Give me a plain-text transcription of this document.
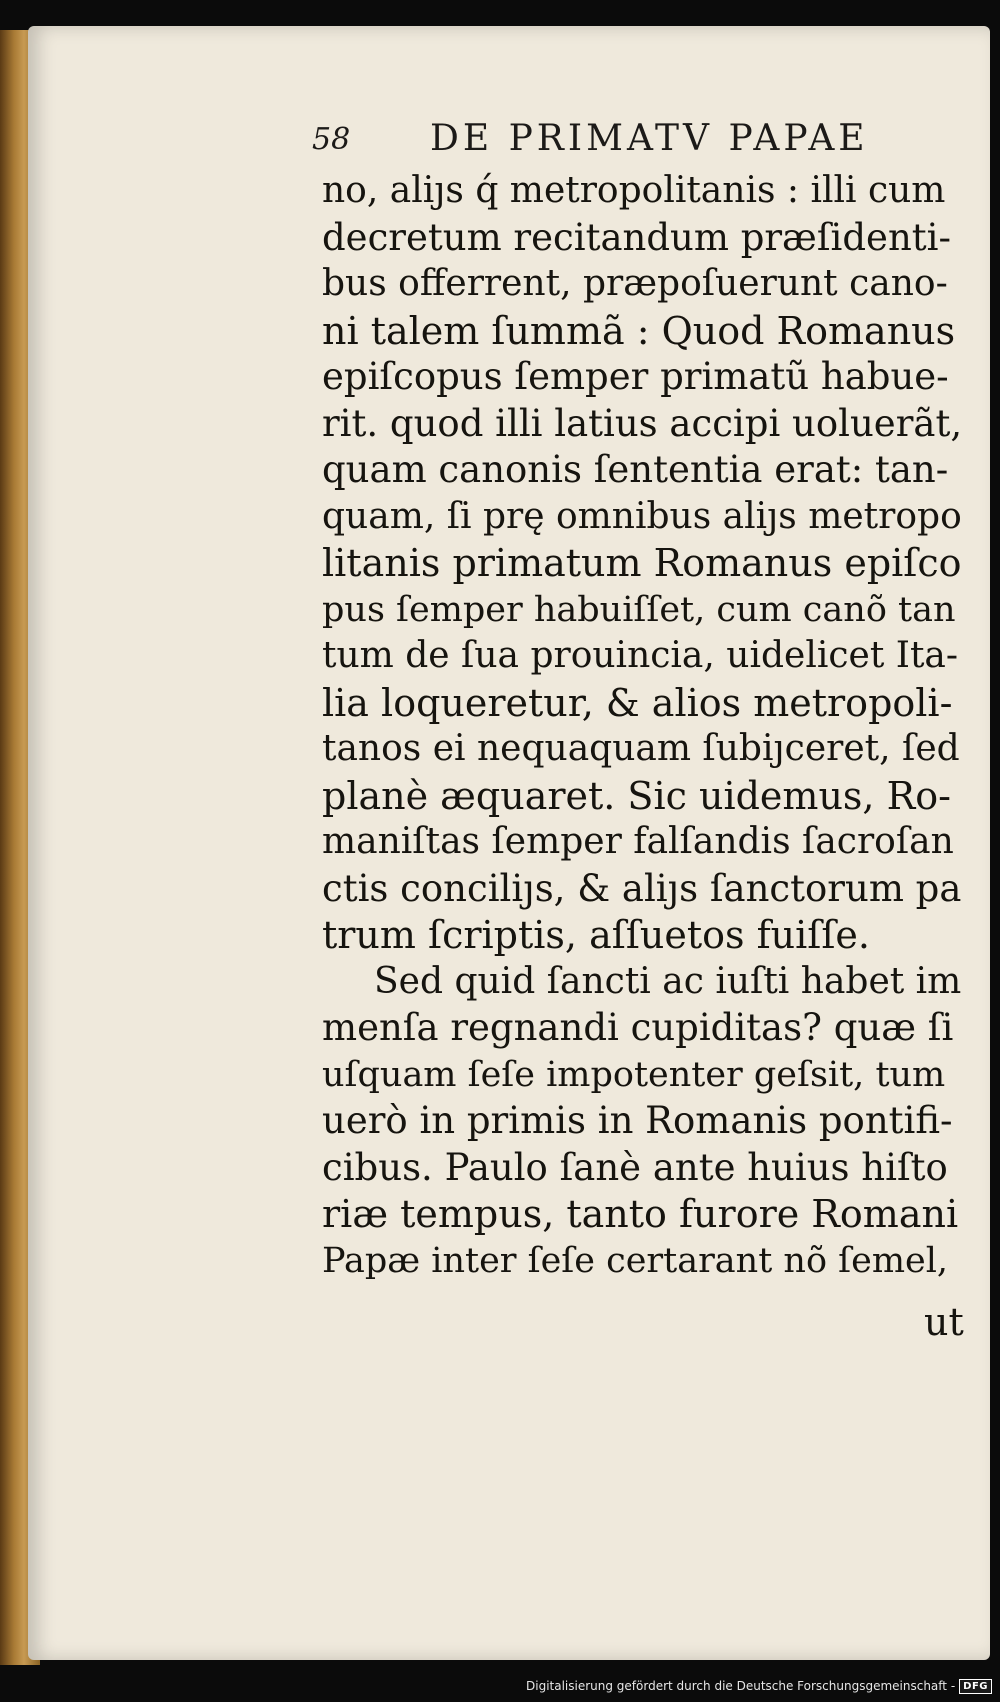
58 DE PRIMATV PAPAE
no, aliȷs q́ metropolitanis : illi cum
decretum recitandum præſidenti-
bus offerrent, præpoſuerunt cano-
ni talem ſummã : Quod Romanus
epiſcopus ſemper primatũ habue-
rit. quod illi latius accipi uoluerãt,
quam canonis ſententia erat: tan-
quam, ſi prę omnibus aliȷs metropo
litanis primatum Romanus epiſco
pus ſemper habuiſſet, cum canõ tan
tum de ſua prouincia, uidelicet Ita-
lia loqueretur, & alios metropoli-
tanos ei nequaquam ſubiȷceret, ſed
planè æquaret. Sic uidemus, Ro-
maniſtas ſemper falſandis ſacroſan
ctis conciliȷs, & aliȷs ſanctorum pa
trum ſcriptis, aſſuetos fuiſſe.
Sed quid ſancti ac iuſti habet im
menſa regnandi cupiditas? quæ ſi
uſquam ſeſe impotenter geſsit, tum
uerò in primis in Romanis pontifi-
cibus. Paulo ſanè ante huius hiſto
riæ tempus, tanto furore Romani
Papæ inter ſeſe certarant nõ ſemel,
ut
Digitalisierung gefördert durch die Deutsche Forschungsgemeinschaft - DFG
